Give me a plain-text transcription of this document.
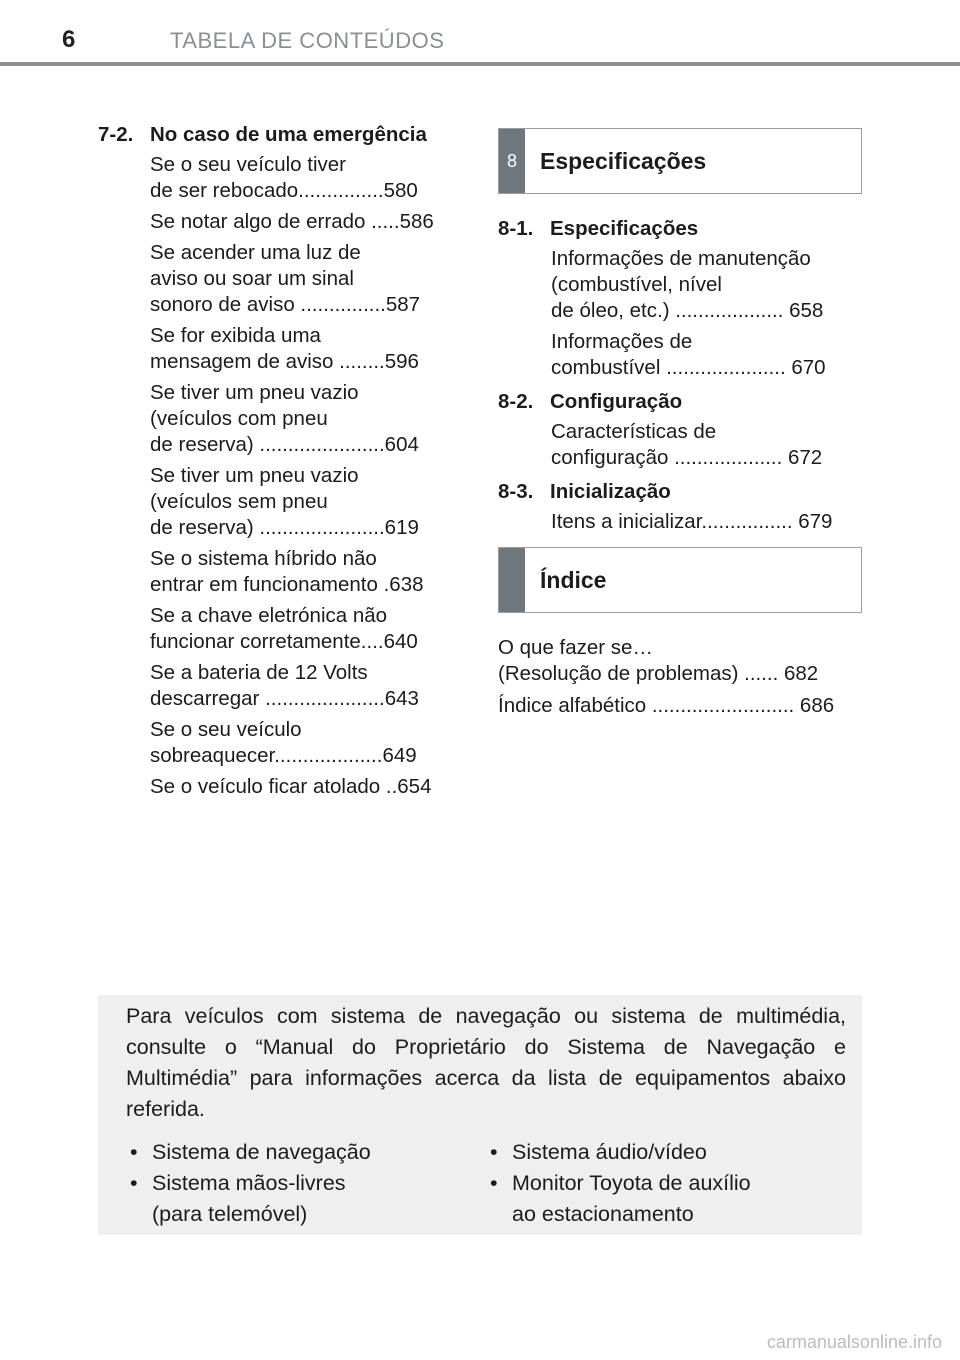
6	TABELA DE CONTEÚDOS
7-2. No caso de uma emergência
Se o seu veículo tiver
de ser rebocado...............580
Se notar algo de errado .....586
Se acender uma luz de
aviso ou soar um sinal
sonoro de aviso ...............587
Se for exibida uma
mensagem de aviso ........596
Se tiver um pneu vazio
(veículos com pneu
de reserva) ......................604
Se tiver um pneu vazio
(veículos sem pneu
de reserva) ......................619
Se o sistema híbrido não
entrar em funcionamento .638
Se a chave eletrónica não
funcionar corretamente....640
Se a bateria de 12 Volts
descarregar .....................643
Se o seu veículo
sobreaquecer...................649
Se o veículo ficar atolado ..654
8	Especificações
8-1. Especificações
Informações de manutenção
(combustível, nível
de óleo, etc.) ................... 658
Informações de
combustível ..................... 670
8-2. Configuração
Características de
configuração ................... 672
8-3. Inicialização
Itens a inicializar................ 679
Índice
O que fazer se…
(Resolução de problemas) ...... 682
Índice alfabético ......................... 686
Para veículos com sistema de navegação ou sistema de multimédia, consulte o “Manual do Proprietário do Sistema de Navegação e Multimédia” para informações acerca da lista de equipamentos abaixo referida.
• Sistema de navegação
• Sistema mãos-livres
(para telemóvel)
• Sistema áudio/vídeo
• Monitor Toyota de auxílio
ao estacionamento
carmanualsonline.info
